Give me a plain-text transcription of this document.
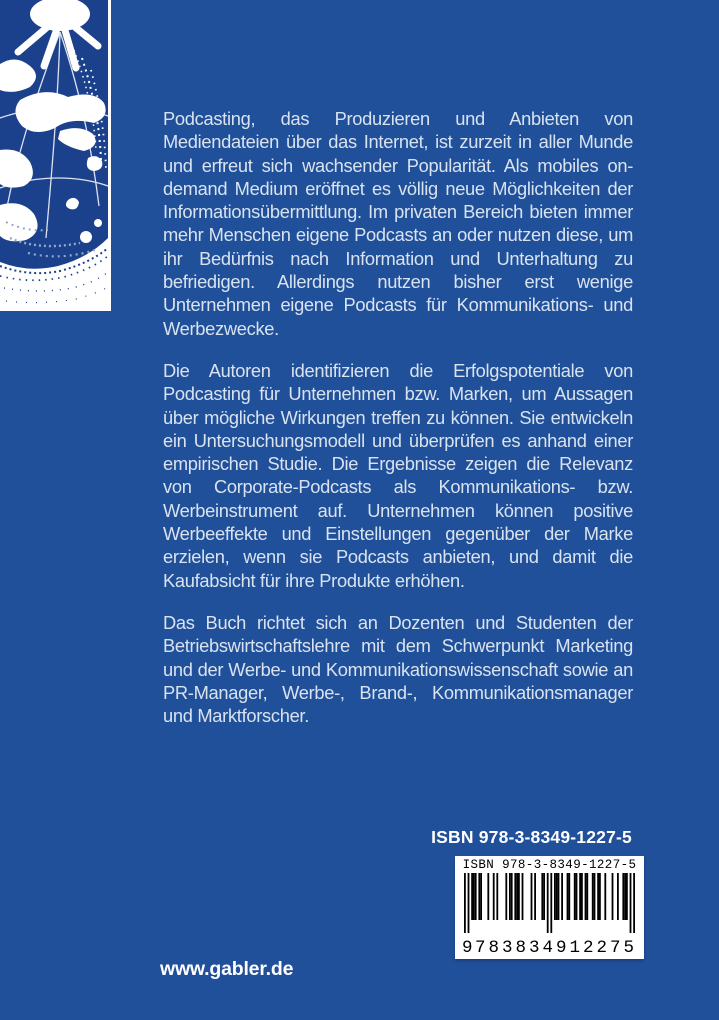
Podcasting, das Produzieren und Anbieten von Mediendateien über das Internet, ist zurzeit in aller Munde und erfreut sich wachsender Popularität. Als mobiles on-demand Medium eröffnet es völlig neue Möglichkeiten der Informationsübermittlung. Im privaten Bereich bieten immer mehr Menschen eigene Podcasts an oder nutzen diese, um ihr Bedürfnis nach Information und Unterhaltung zu befriedigen. Allerdings nutzen bisher erst wenige Unternehmen eigene Podcasts für Kommunikations- und Werbezwecke.

Die Autoren identifizieren die Erfolgspotentiale von Podcasting für Unternehmen bzw. Marken, um Aussagen über mögliche Wirkungen treffen zu können. Sie entwickeln ein Untersuchungsmodell und überprüfen es anhand einer empirischen Studie. Die Ergebnisse zeigen die Relevanz von Corporate-Podcasts als Kommunikations- bzw. Werbeinstrument auf. Unternehmen können positive Werbeeffekte und Einstellungen gegenüber der Marke erzielen, wenn sie Podcasts anbieten, und damit die Kaufabsicht für ihre Produkte erhöhen.

Das Buch richtet sich an Dozenten und Studenten der Betriebswirtschaftslehre mit dem Schwerpunkt Marketing und der Werbe- und Kommunikationswissenschaft sowie an PR-Manager, Werbe-, Brand-, Kommunikationsmanager und Marktforscher.

ISBN 978-3-8349-1227-5
ISBN 978-3-8349-1227-5
9 783834 912275
www.gabler.de
